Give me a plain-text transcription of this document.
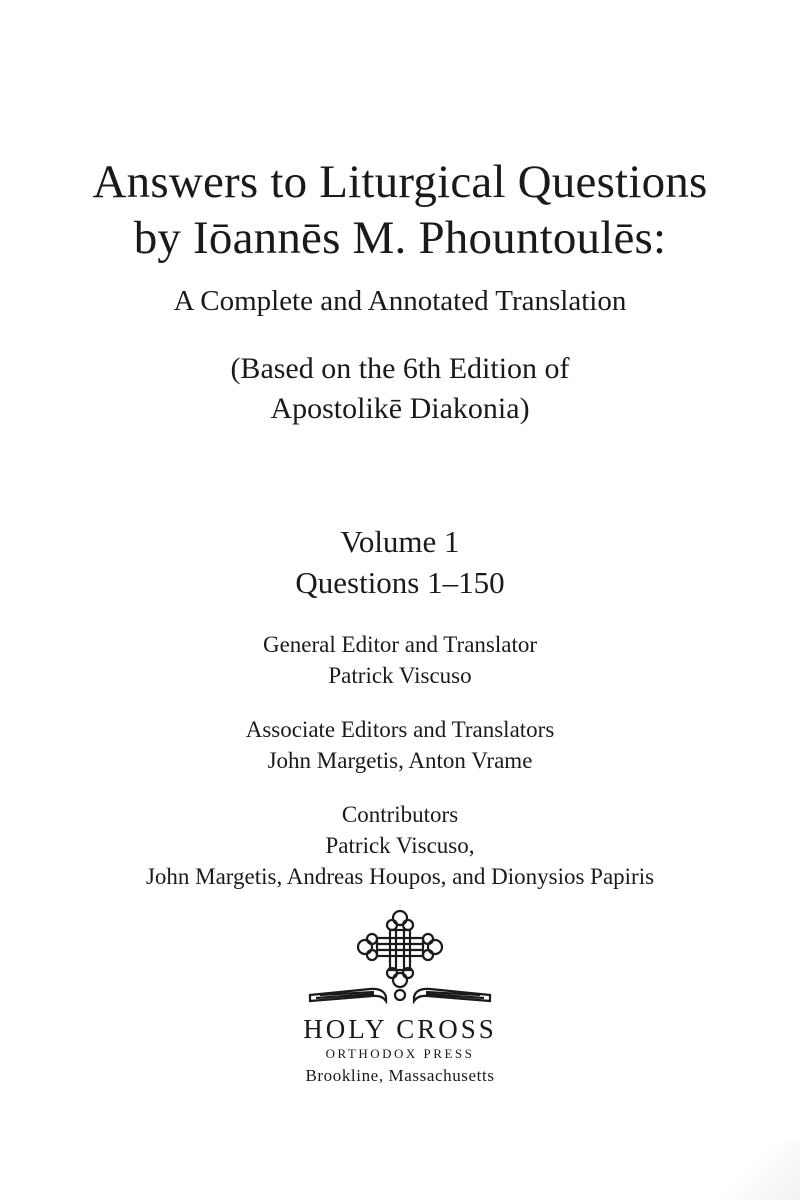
Answers to Liturgical Questions
by Iōannēs M. Phountoulēs:
A Complete and Annotated Translation
(Based on the 6th Edition of
Apostolikē Diakonia)
Volume 1
Questions 1–150
General Editor and Translator
Patrick Viscuso
Associate Editors and Translators
John Margetis, Anton Vrame
Contributors
Patrick Viscuso,
John Margetis, Andreas Houpos, and Dionysios Papiris
HOLY CROSS
ORTHODOX PRESS
Brookline, Massachusetts
